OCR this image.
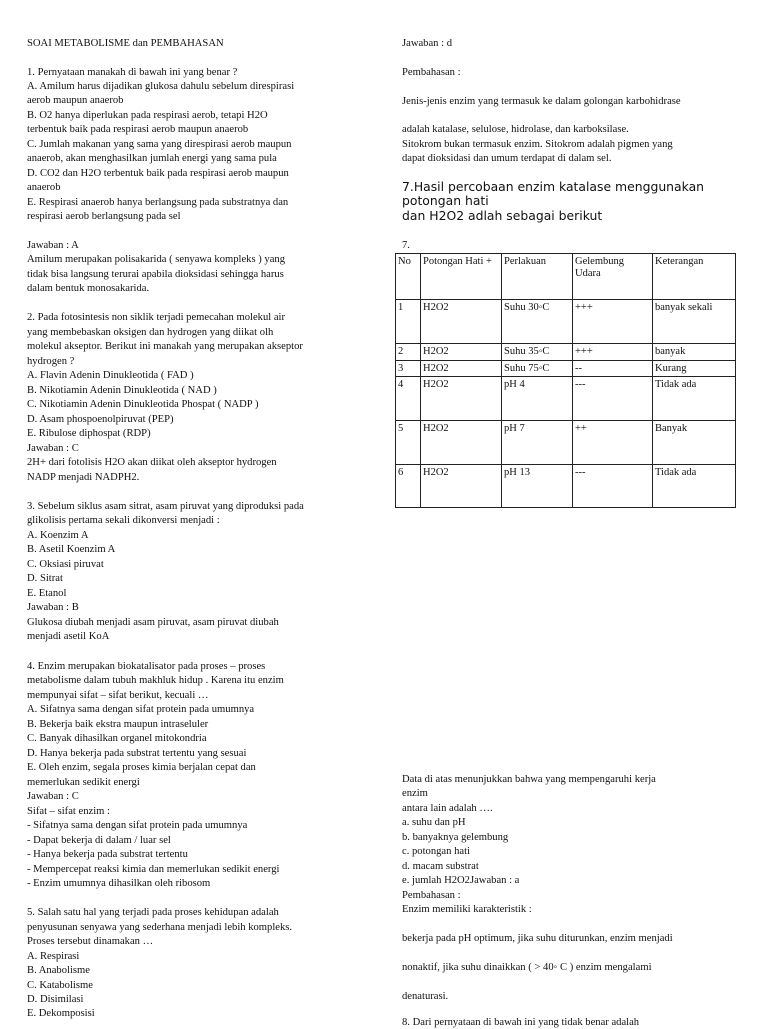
SOAI METABOLISME dan PEMBAHASAN
1. Pernyataan manakah di bawah ini yang benar ?
A. Amilum harus dijadikan glukosa dahulu sebelum direspirasi
aerob maupun anaerob
B. O2 hanya diperlukan pada respirasi aerob, tetapi H2O
terbentuk baik pada respirasi aerob maupun anaerob
C. Jumlah makanan yang sama yang direspirasi aerob maupun
anaerob, akan menghasilkan jumlah energi yang sama pula
D. CO2 dan H2O terbentuk baik pada respirasi aerob maupun
anaerob
E. Respirasi anaerob hanya berlangsung pada substratnya dan
respirasi aerob berlangsung pada sel
Jawaban : A
Amilum merupakan polisakarida ( senyawa kompleks ) yang
tidak bisa langsung terurai apabila dioksidasi sehingga harus
dalam bentuk monosakarida.
2. Pada fotosintesis non siklik terjadi pemecahan molekul air
yang membebaskan oksigen dan hydrogen yang diikat olh
molekul akseptor. Berikut ini manakah yang merupakan akseptor
hydrogen ?
A. Flavin Adenin Dinukleotida ( FAD )
B. Nikotiamin Adenin Dinukleotida ( NAD )
C. Nikotiamin Adenin Dinukleotida Phospat ( NADP )
D. Asam phospoenolpiruvat (PEP)
E. Ribulose diphospat (RDP)
Jawaban : C
2H+ dari fotolisis H2O akan diikat oleh akseptor hydrogen
NADP menjadi NADPH2.
3. Sebelum siklus asam sitrat, asam piruvat yang diproduksi pada
glikolisis pertama sekali dikonversi menjadi :
A. Koenzim A
B. Asetil Koenzim A
C. Oksiasi piruvat
D. Sitrat
E. Etanol
Jawaban : B
Glukosa diubah menjadi asam piruvat, asam piruvat diubah
menjadi asetil KoA
4. Enzim merupakan biokatalisator pada proses – proses
metabolisme dalam tubuh makhluk hidup . Karena itu enzim
mempunyai sifat – sifat berikut, kecuali …
A. Sifatnya sama dengan sifat protein pada umumnya
B. Bekerja baik ekstra maupun intraseluler
C. Banyak dihasilkan organel mitokondria
D. Hanya bekerja pada substrat tertentu yang sesuai
E. Oleh enzim, segala proses kimia berjalan cepat dan
memerlukan sedikit energi
Jawaban : C
Sifat – sifat enzim :
- Sifatnya sama dengan sifat protein pada umumnya
- Dapat bekerja di dalam / luar sel
- Hanya bekerja pada substrat tertentu
- Mempercepat reaksi kimia dan memerlukan sedikit energi
- Enzim umumnya dihasilkan oleh ribosom
5. Salah satu hal yang terjadi pada proses kehidupan adalah
penyusunan senyawa yang sederhana menjadi lebih kompleks.
Proses tersebut dinamakan …
A. Respirasi
B. Anabolisme
C. Katabolisme
D. Disimilasi
E. Dekomposisi
Jawaban : d
Pembahasan :
Jenis-jenis enzim yang termasuk ke dalam golongan karbohidrase
adalah katalase, selulose, hidrolase, dan karboksilase.
Sitokrom bukan termasuk enzim. Sitokrom adalah pigmen yang
dapat dioksidasi dan umum terdapat di dalam sel.
7.Hasil percobaan enzim katalase menggunakan
potongan hati
dan H2O2 adlah sebagai berikut
7.
Data di atas menunjukkan bahwa yang mempengaruhi kerja
enzim
antara lain adalah ….
a. suhu dan pH
b. banyaknya gelembung
c. potongan hati
d. macam substrat
e. jumlah H2O2Jawaban : a
Pembahasan :
Enzim memiliki karakteristik :
bekerja pada pH optimum, jika suhu diturunkan, enzim menjadi
nonaktif, jika suhu dinaikkan ( > 40◦ C ) enzim mengalami
denaturasi.
8. Dari pernyataan di bawah ini yang tidak benar adalah
No	Potongan Hati +	Perlakuan	Gelembung Udara	Keterangan
1	H2O2	Suhu 30◦C	+++	banyak sekali
2	H2O2	Suhu 35◦C	+++	banyak
3	H2O2	Suhu 75◦C	--	Kurang
4	H2O2	pH 4	---	Tidak ada
5	H2O2	pH 7	++	Banyak
6	H2O2	pH 13	---	Tidak ada
